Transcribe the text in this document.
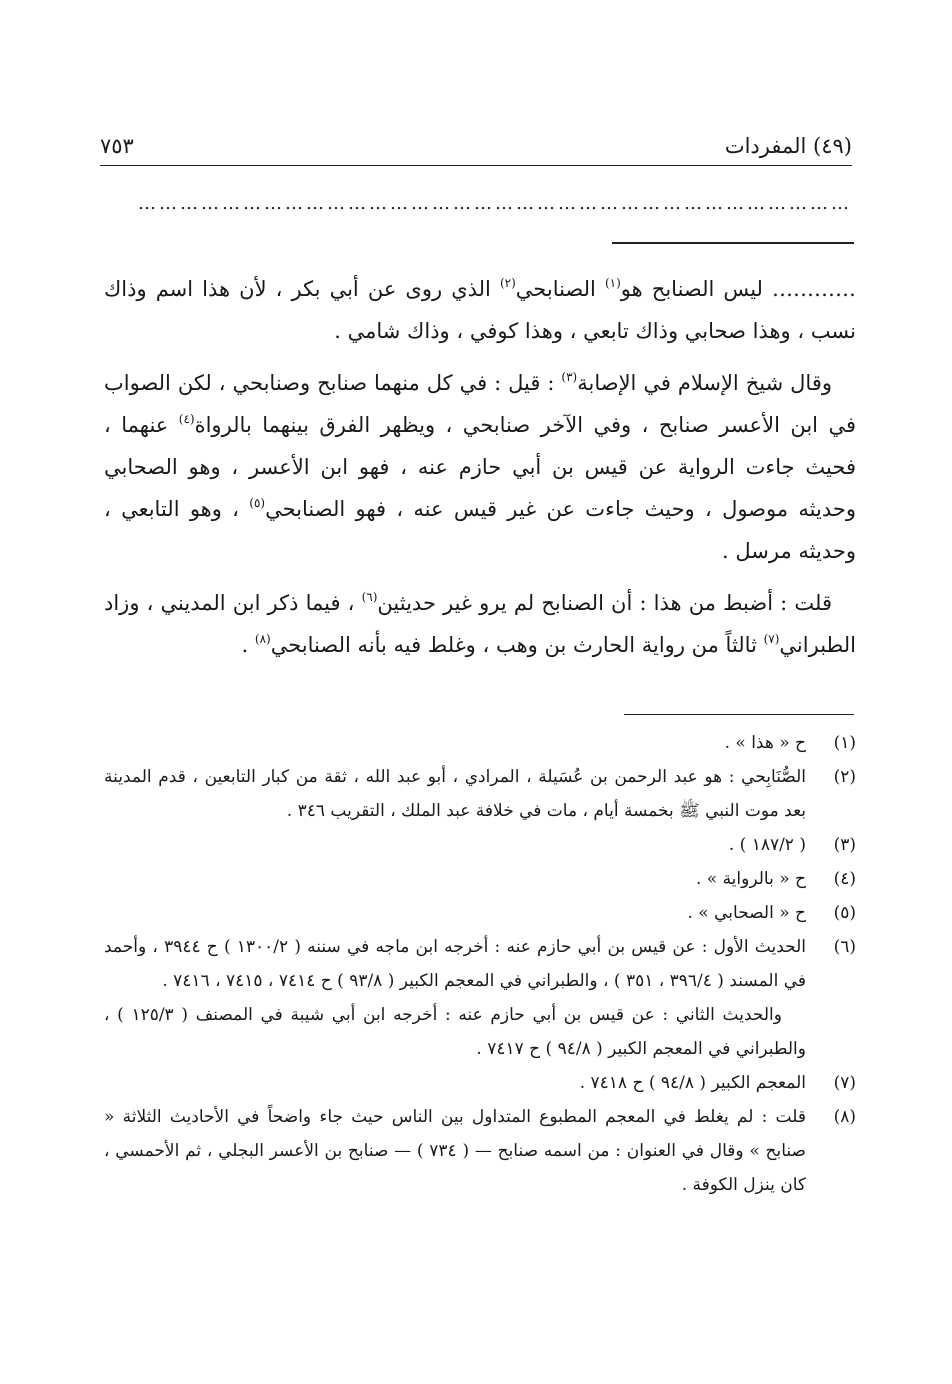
(٤٩) المفردات
٧٥٣
…………………………………………………………………………………………

………… ليس الصنابح هو$^{(١)}$ الصنابحي$^{(٢)}$ الذي روى عن أبي بكر ، لأن هذا اسم وذاك نسب ، وهذا صحابي وذاك تابعي ، وهذا كوفي ، وذاك شامي .

وقال شيخ الإسلام في الإصابة$^{(٣)}$ : قيل : في كل منهما صنابح وصنابحي ، لكن الصواب في ابن الأعسر صنابح ، وفي الآخر صنابحي ، ويظهر الفرق بينهما بالرواة$^{(٤)}$ عنهما ، فحيث جاءت الرواية عن قيس بن أبي حازم عنه ، فهو ابن الأعسر ، وهو الصحابي وحديثه موصول ، وحيث جاءت عن غير قيس عنه ، فهو الصنابحي$^{(٥)}$ ، وهو التابعي ، وحديثه مرسل .

قلت : أضبط من هذا : أن الصنابح لم يرو غير حديثين$^{(٦)}$ ، فيما ذكر ابن المديني ، وزاد الطبراني$^{(٧)}$ ثالثاً من رواية الحارث بن وهب ، وغلط فيه بأنه الصنابحي$^{(٨)}$ .

(١)
ح « هذا » .
(٢)
الصُّنَابِحي : هو عبد الرحمن بن عُسَيلة ، المرادي ، أبو عبد الله ، ثقة من كبار التابعين ، قدم المدينة بعد موت النبي ﷺ بخمسة أيام ، مات في خلافة عبد الملك ، التقريب ٣٤٦ .
(٣)
( ١٨٧/٢ ) .
(٤)
ح « بالرواية » .
(٥)
ح « الصحابي » .
(٦)
الحديث الأول : عن قيس بن أبي حازم عنه : أخرجه ابن ماجه في سننه ( ١٣٠٠/٢ ) ح ٣٩٤٤ ، وأحمد في المسند ( ٣٩٦/٤ ، ٣٥١ ) ، والطبراني في المعجم الكبير ( ٩٣/٨ ) ح ٧٤١٤ ، ٧٤١٥ ، ٧٤١٦ .
والحديث الثاني : عن قيس بن أبي حازم عنه : أخرجه ابن أبي شيبة في المصنف ( ١٢٥/٣ ) ، والطبراني في المعجم الكبير ( ٩٤/٨ ) ح ٧٤١٧ .
(٧)
المعجم الكبير ( ٩٤/٨ ) ح ٧٤١٨ .
(٨)
قلت : لم يغلط في المعجم المطبوع المتداول بين الناس حيث جاء واضحاً في الأحاديث الثلاثة « صنابح » وقال في العنوان : من اسمه صنابح — ( ٧٣٤ ) — صنابح بن الأعسر البجلي ، ثم الأحمسي ، كان ينزل الكوفة .
